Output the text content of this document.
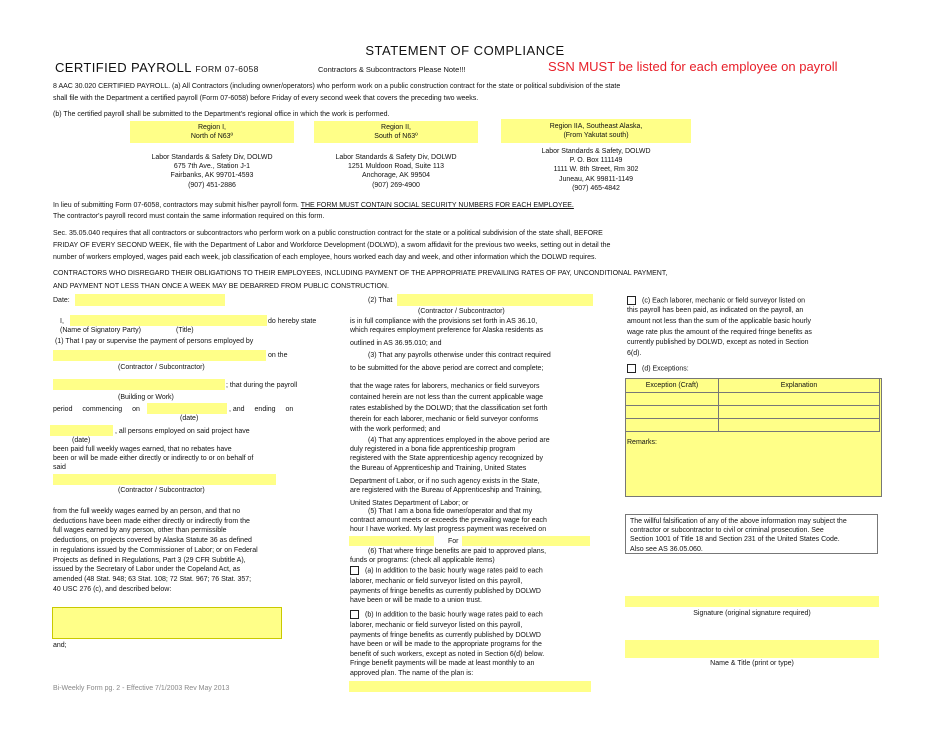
STATEMENT OF COMPLIANCE
CERTIFIED PAYROLL FORM 07-6058	Contractors & Subcontractors Please Note!!!	SSN MUST be listed for each employee on payroll
8 AAC 30.020 CERTIFIED PAYROLL. (a) All Contractors (including owner/operators) who perform work on a public construction contract for the state or political subdivision of the state
shall file with the Department a certified payroll (Form 07-6058) before Friday of every second week that covers the preceding two weeks.
(b) The certified payroll shall be submitted to the Department's regional office in which the work is performed.
Region I,
North of N63º
Region II,
South of N63º
Region IIA, Southeast Alaska,
(From Yakutat south)
Labor Standards & Safety Div, DOLWD
675 7th Ave., Station J-1
Fairbanks, AK 99701-4593
(907) 451-2886
Labor Standards & Safety Div, DOLWD
1251 Muldoon Road, Suite 113
Anchorage, AK 99504
(907) 269-4900
Labor Standards & Safety, DOLWD
P. O. Box 111149
1111 W. 8th Street, Rm 302
Juneau, AK 99811-1149
(907) 465-4842
In lieu of submitting Form 07-6058, contractors may submit his/her payroll form. THE FORM MUST CONTAIN SOCIAL SECURITY NUMBERS FOR EACH EMPLOYEE.
The contractor's payroll record must contain the same information required on this form.
Sec. 35.05.040 requires that all contractors or subcontractors who perform work on a public construction contract for the state or a political subdivision of the state shall, BEFORE
FRIDAY OF EVERY SECOND WEEK, file with the Department of Labor and Workforce Development (DOLWD), a sworn affidavit for the previous two weeks, setting out in detail the
number of workers employed, wages paid each week, job classification of each employee, hours worked each day and week, and other information which the DOLWD requires.
CONTRACTORS WHO DISREGARD THEIR OBLIGATIONS TO THEIR EMPLOYEES, INCLUDING PAYMENT OF THE APPROPRIATE PREVAILING RATES OF PAY, UNCONDITIONAL PAYMENT,
AND PAYMENT NOT LESS THAN ONCE A WEEK MAY BE DEBARRED FROM PUBLIC CONSTRUCTION.
Date:
I,	do hereby state
(Name of Signatory Party)	(Title)
(1) That I pay or supervise the payment of persons employed by
on the
(Contractor / Subcontractor)
; that during the payroll
(Building or Work)
period commencing on	, and ending on
(date)
, all persons employed on said project have
(date)
been paid full weekly wages earned, that no rebates have
been or will be made either directly or indirectly to or on behalf of
said
(Contractor / Subcontractor)
from the full weekly wages earned by an person, and that no
deductions have been made either directly or indirectly from the
full wages earned by any person, other than permissible
deductions, on projects covered by Alaska Statute 36 as defined
in regulations issued by the Commissioner of Labor; or on Federal
Projects as defined in Regulations, Part 3 (29 CFR Subtitle A),
issued by the Secretary of Labor under the Copeland Act, as
amended (48 Stat. 948; 63 Stat. 108; 72 Stat. 967; 76 Stat. 357;
40 USC 276 (c), and described below:
and;
Bi-Weekly Form pg. 2 - Effective 7/1/2003 Rev May 2013
(2) That
(Contractor / Subcontractor)
is in full compliance with the provisions set forth in AS 36.10,
which requires employment preference for Alaska residents as
outlined in AS 36.95.010; and
(3) That any payrolls otherwise under this contract required
to be submitted for the above period are correct and complete;
that the wage rates for laborers, mechanics or field surveyors
contained herein are not less than the current applicable wage
rates established by the DOLWD; that the classification set forth
therein for each laborer, mechanic or field surveyor conforms
with the work performed; and
(4) That any apprentices employed in the above period are
duly registered in a bona fide apprenticeship program
registered with the State apprenticeship agency recognized by
the Bureau of Apprenticeship and Training, United States
Department of Labor, or if no such agency exists in the State,
are registered with the Bureau of Apprenticeship and Training,
United States Department of Labor; or
(5) That I am a bona fide owner/operator and that my
contract amount meets or exceeds the prevailing wage for each
hour I have worked. My last progress payment was received on
For
(6) That where fringe benefits are paid to approved plans,
funds or programs: (check all applicable items)
(a) In addition to the basic hourly wage rates paid to each
laborer, mechanic or field surveyor listed on this payroll,
payments of fringe benefits as currently published by DOLWD
have been or will be made to a union trust.
(b) In addition to the basic hourly wage rates paid to each
laborer, mechanic or field surveyor listed on this payroll,
payments of fringe benefits as currently published by DOLWD
have been or will be made to the appropriate programs for the
benefit of such workers, except as noted in Section 6(d) below.
Fringe benefit payments will be made at least monthly to an
approved plan. The name of the plan is:
(c) Each laborer, mechanic or field surveyor listed on
this payroll has been paid, as indicated on the payroll, an
amount not less than the sum of the applicable basic hourly
wage rate plus the amount of the required fringe benefits as
currently published by DOLWD, except as noted in Section
6(d).
(d) Exceptions:
Exception (Craft)	Explanation

Remarks:
The willful falsification of any of the above information may subject the
contractor or subcontractor to civil or criminal prosecution. See
Section 1001 of Title 18 and Section 231 of the United States Code.
Also see AS 36.05.060.
Signature (original signature required)
Name & Title (print or type)
